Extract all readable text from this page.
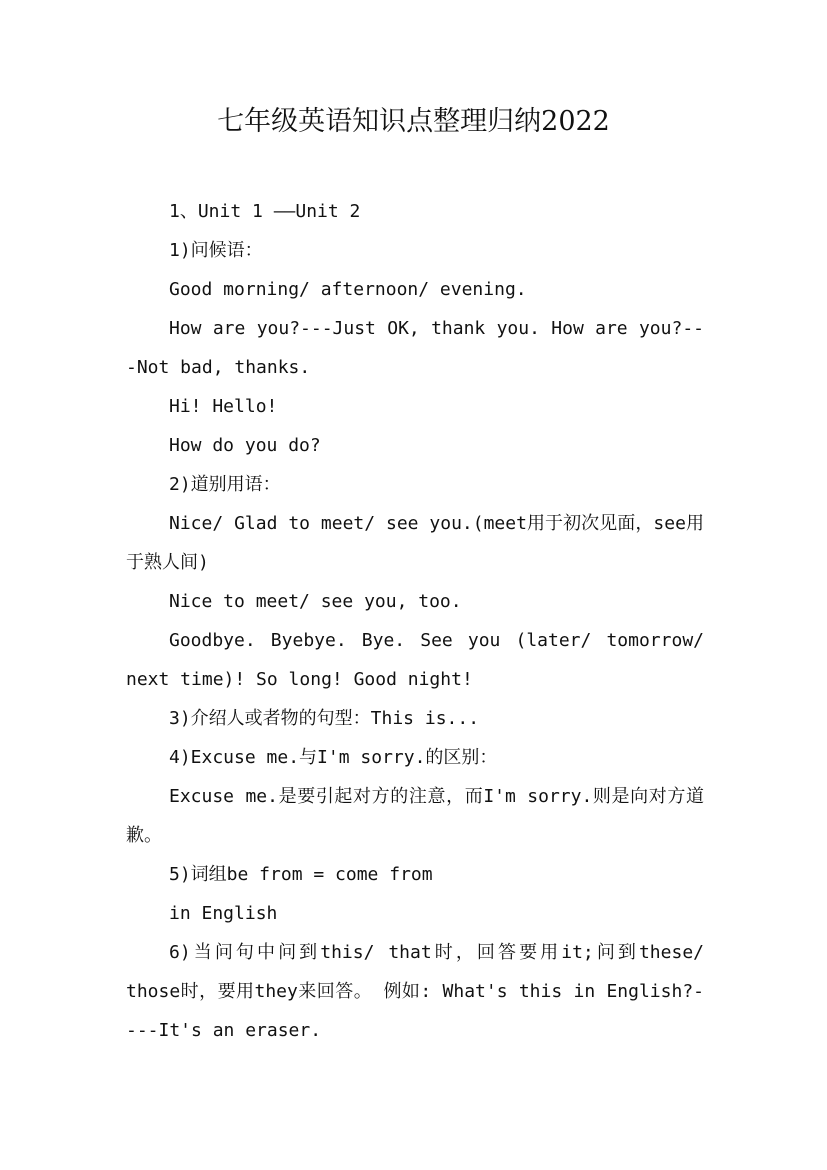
七年级英语知识点整理归纳2022

1、Unit 1 ——Unit 2

1)问候语：

Good morning/ afternoon/ evening.

How are you?---Just OK, thank you. How are you?---Not bad, thanks.

Hi! Hello!

How do you do?

2)道别用语：

Nice/ Glad to meet/ see you.(meet用于初次见面，see用于熟人间)

Nice to meet/ see you, too.

Goodbye. Byebye. Bye. See you (later/ tomorrow/ next time)! So long! Good night!

3)介绍人或者物的句型：This is...

4)Excuse me.与I'm sorry.的区别：

Excuse me.是要引起对方的注意，而I'm sorry.则是向对方道歉。

5)词组be from = come from

in English

6)当问句中问到this/ that时，回答要用it;问到these/ those时，要用they来回答。 例如: What's this in English?----It's an eraser.
